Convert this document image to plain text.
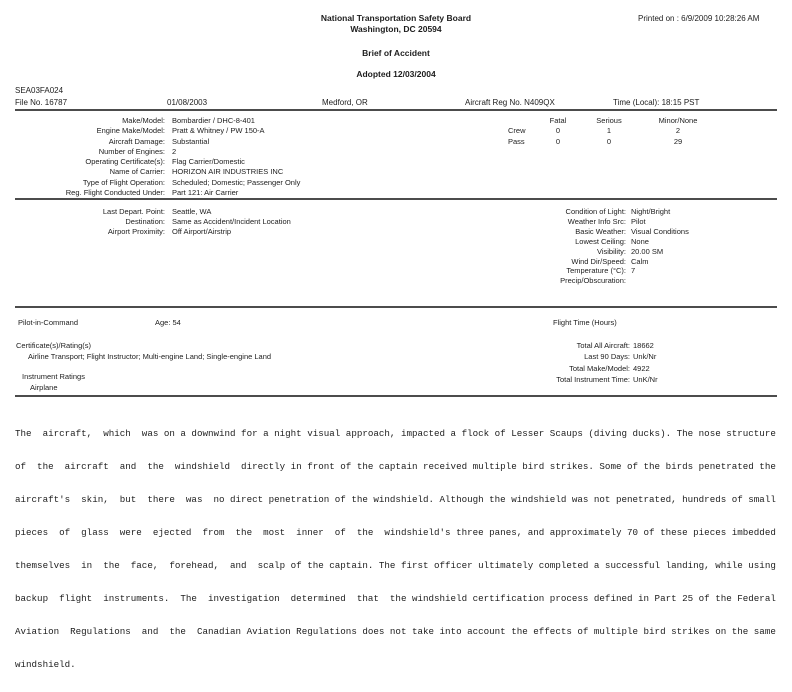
National Transportation Safety Board
Washington, DC 20594
Brief of Accident
Adopted 12/03/2004
Printed on : 6/9/2009 10:28:26 AM
SEA03FA024
File No. 16787	01/08/2003	Medford, OR	Aircraft Reg No. N409QX	Time (Local): 18:15 PST
Make/Model: Bombardier / DHC-8-401
Engine Make/Model: Pratt & Whitney / PW 150-A
Aircraft Damage: Substantial
Number of Engines: 2
Operating Certificate(s): Flag Carrier/Domestic
Name of Carrier: HORIZON AIR INDUSTRIES INC
Type of Flight Operation: Scheduled; Domestic; Passenger Only
Reg. Flight Conducted Under: Part 121: Air Carrier
Fatal	Serious	Minor/None
Crew	0	1	2
Pass	0	0	29
Last Depart. Point: Seattle, WA
Destination: Same as Accident/Incident Location
Airport Proximity: Off Airport/Airstrip
Condition of Light: Night/Bright
Weather Info Src: Pilot
Basic Weather: Visual Conditions
Lowest Ceiling: None
Visibility: 20.00 SM
Wind Dir/Speed: Calm
Temperature (°C): 7
Precip/Obscuration:
Pilot-in-Command	Age: 54
Certificate(s)/Rating(s)
Airline Transport; Flight Instructor; Multi-engine Land; Single-engine Land
Instrument Ratings
Airplane
Flight Time (Hours)
Total All Aircraft: 18662
Last 90 Days: Unk/Nr
Total Make/Model: 4922
Total Instrument Time: UnK/Nr

The  aircraft,  which  was on a downwind for a night visual approach, impacted a flock of Lesser Scaups (diving ducks). The nose structure

of  the  aircraft  and  the  windshield  directly in front of the captain received multiple bird strikes. Some of the birds penetrated the

aircraft's  skin,  but  there  was  no direct penetration of the windshield. Although the windshield was not penetrated, hundreds of small

pieces  of  glass  were  ejected  from  the  most  inner  of  the  windshield's three panes, and approximately 70 of these pieces imbedded

themselves  in  the  face,  forehead,  and  scalp of the captain. The first officer ultimately completed a successful landing, while using

backup  flight  instruments.  The  investigation  determined  that  the windshield certification process defined in Part 25 of the Federal

Aviation  Regulations  and  the  Canadian Aviation Regulations does not take into account the effects of multiple bird strikes on the same

windshield.
